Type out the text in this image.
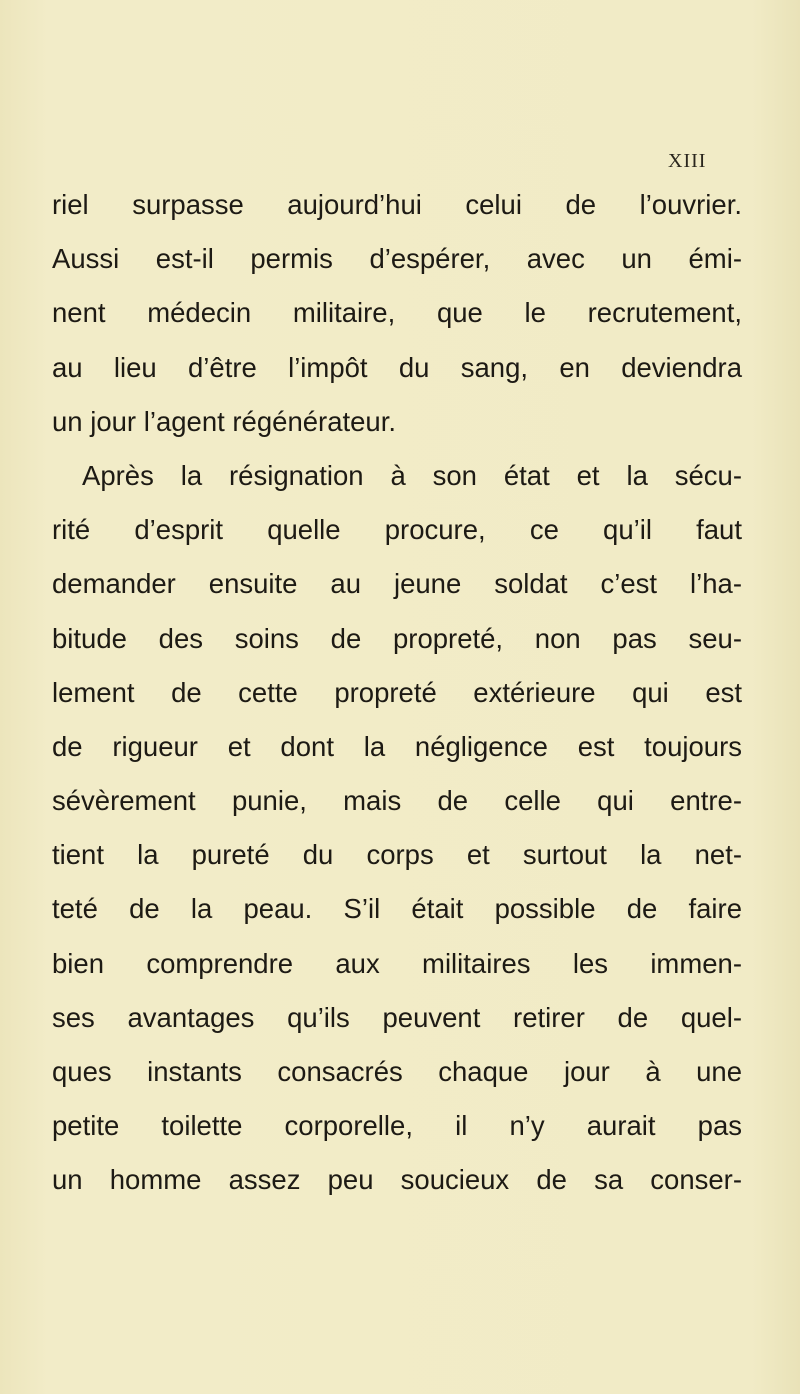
XIII
riel surpasse aujourd’hui celui de l’ouvrier.
Aussi est-il permis d’espérer, avec un émi-
nent médecin militaire, que le recrutement,
au lieu d’être l’impôt du sang, en deviendra
un jour l’agent régénérateur.
Après la résignation à son état et la sécu-
rité d’esprit quelle procure, ce qu’il faut
demander ensuite au jeune soldat c’est l’ha-
bitude des soins de propreté, non pas seu-
lement de cette propreté extérieure qui est
de rigueur et dont la négligence est toujours
sévèrement punie, mais de celle qui entre-
tient la pureté du corps et surtout la net-
teté de la peau. S’il était possible de faire
bien comprendre aux militaires les immen-
ses avantages qu’ils peuvent retirer de quel-
ques instants consacrés chaque jour à une
petite toilette corporelle, il n’y aurait pas
un homme assez peu soucieux de sa conser-
